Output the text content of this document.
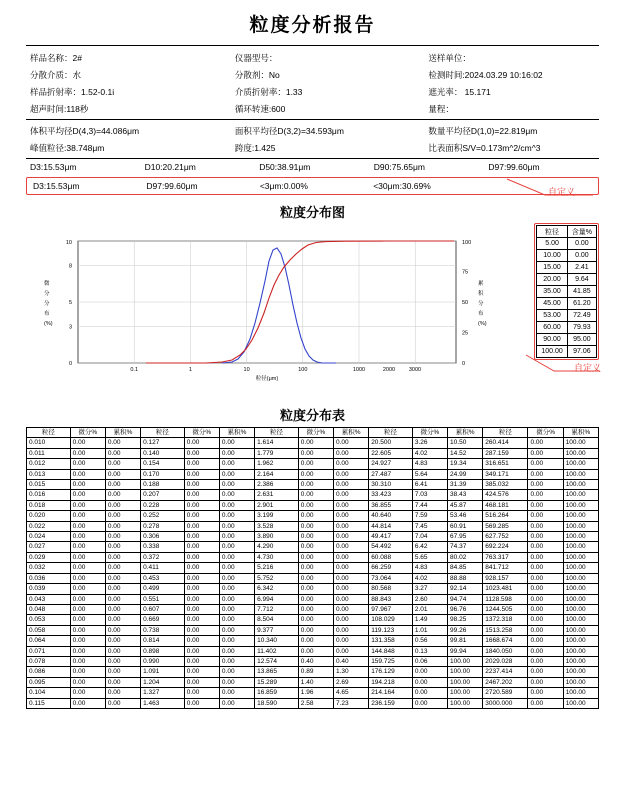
粒度分析报告
样品名称：2#	仪器型号：	送样单位：
分散介质：水	分散剂：No	检测时间:2024.03.29 10:16:02
样品折射率：1.52-0.1i	介质折射率：1.33	遮光率： 15.171
超声时间:118秒	循环转速:600	量程：
体积平均径D(4,3)=44.086μm	面积平均径D(3,2)=34.593μm	数量平均径D(1,0)=22.819μm
峰值粒径:38.748μm	跨度:1.425	比表面积S/V=0.173m^2/cm^3
D3:15.53μm	D10:20.21μm	D50:38.91μm	D90:75.65μm	D97:99.60μm
D3:15.53μm	D97:99.60μm	<3μm:0.00%	<30μm:30.69%
自定义
粒度分布图
0
3
5
8
10
0
25
50
75
100
0.1	1	10	100	1000	2000	3000
微
分
分
布
(%)
累
积
分
布
(%)
粒径(μm)
粒径	含量%
5.00	0.00
10.00	0.00
15.00	2.41
20.00	9.64
35.00	41.85
45.00	61.20
53.00	72.49
60.00	79.93
90.00	95.00
100.00	97.06
自定义
粒度分布表
粒径	微分%	累积%	粒径	微分%	累积%	粒径	微分%	累积%	粒径	微分%	累积%	粒径	微分%	累积%
0.010	0.00	0.00	0.127	0.00	0.00	1.614	0.00	0.00	20.500	3.26	10.50	260.414	0.00	100.00
0.011	0.00	0.00	0.140	0.00	0.00	1.779	0.00	0.00	22.605	4.02	14.52	287.159	0.00	100.00
0.012	0.00	0.00	0.154	0.00	0.00	1.962	0.00	0.00	24.927	4.83	19.34	316.651	0.00	100.00
0.013	0.00	0.00	0.170	0.00	0.00	2.164	0.00	0.00	27.487	5.64	24.99	349.171	0.00	100.00
0.015	0.00	0.00	0.188	0.00	0.00	2.386	0.00	0.00	30.310	6.41	31.39	385.032	0.00	100.00
0.016	0.00	0.00	0.207	0.00	0.00	2.631	0.00	0.00	33.423	7.03	38.43	424.576	0.00	100.00
0.018	0.00	0.00	0.228	0.00	0.00	2.901	0.00	0.00	36.855	7.44	45.87	468.181	0.00	100.00
0.020	0.00	0.00	0.252	0.00	0.00	3.199	0.00	0.00	40.640	7.59	53.46	516.264	0.00	100.00
0.022	0.00	0.00	0.278	0.00	0.00	3.528	0.00	0.00	44.814	7.45	60.91	569.285	0.00	100.00
0.024	0.00	0.00	0.306	0.00	0.00	3.890	0.00	0.00	49.417	7.04	67.95	627.752	0.00	100.00
0.027	0.00	0.00	0.338	0.00	0.00	4.290	0.00	0.00	54.492	6.42	74.37	692.224	0.00	100.00
0.029	0.00	0.00	0.372	0.00	0.00	4.730	0.00	0.00	60.088	5.65	80.02	763.317	0.00	100.00
0.032	0.00	0.00	0.411	0.00	0.00	5.216	0.00	0.00	66.259	4.83	84.85	841.712	0.00	100.00
0.036	0.00	0.00	0.453	0.00	0.00	5.752	0.00	0.00	73.064	4.02	88.88	928.157	0.00	100.00
0.039	0.00	0.00	0.499	0.00	0.00	6.342	0.00	0.00	80.568	3.27	92.14	1023.481	0.00	100.00
0.043	0.00	0.00	0.551	0.00	0.00	6.994	0.00	0.00	88.843	2.60	94.74	1128.598	0.00	100.00
0.048	0.00	0.00	0.607	0.00	0.00	7.712	0.00	0.00	97.967	2.01	96.76	1244.505	0.00	100.00
0.053	0.00	0.00	0.669	0.00	0.00	8.504	0.00	0.00	108.029	1.49	98.25	1372.318	0.00	100.00
0.058	0.00	0.00	0.738	0.00	0.00	9.377	0.00	0.00	119.123	1.01	99.26	1513.258	0.00	100.00
0.064	0.00	0.00	0.814	0.00	0.00	10.340	0.00	0.00	131.358	0.56	99.81	1668.674	0.00	100.00
0.071	0.00	0.00	0.898	0.00	0.00	11.402	0.00	0.00	144.848	0.13	99.94	1840.050	0.00	100.00
0.078	0.00	0.00	0.990	0.00	0.00	12.574	0.40	0.40	159.725	0.06	100.00	2029.028	0.00	100.00
0.086	0.00	0.00	1.091	0.00	0.00	13.865	0.89	1.30	176.129	0.00	100.00	2237.414	0.00	100.00
0.095	0.00	0.00	1.204	0.00	0.00	15.289	1.40	2.69	194.218	0.00	100.00	2467.202	0.00	100.00
0.104	0.00	0.00	1.327	0.00	0.00	16.859	1.96	4.65	214.164	0.00	100.00	2720.589	0.00	100.00
0.115	0.00	0.00	1.463	0.00	0.00	18.590	2.58	7.23	236.159	0.00	100.00	3000.000	0.00	100.00
